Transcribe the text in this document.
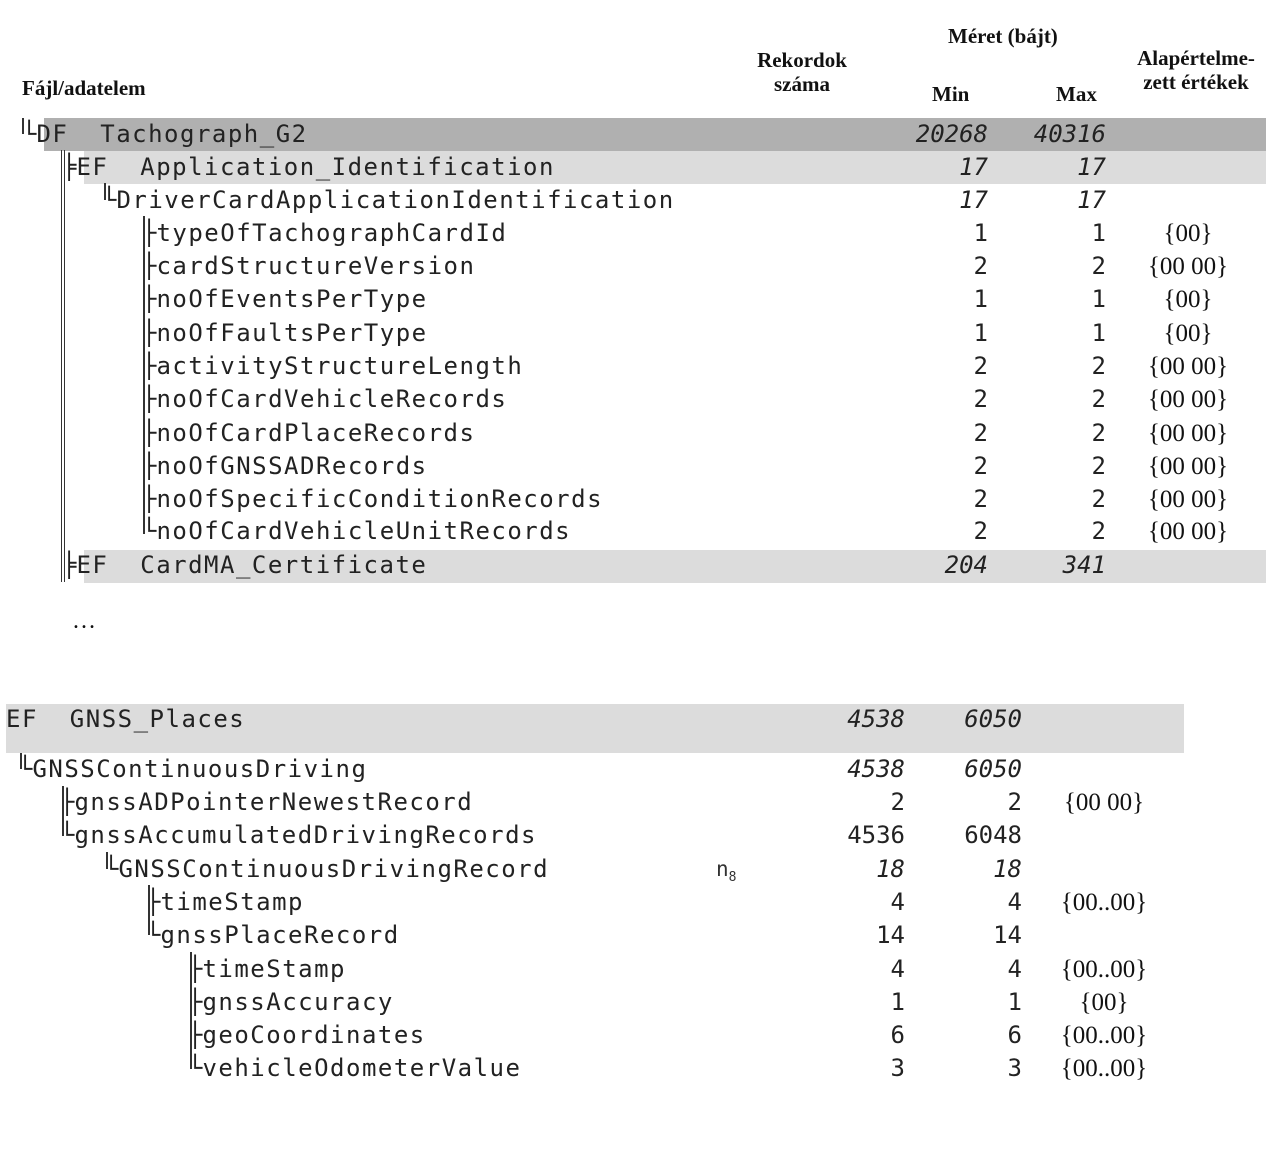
Fájl/adatelem
Rekordok
száma
Méret (bájt)
Min	Max
Alapértelme-
zett értékek
└DF  Tachograph_G2	20268	40316
╞EF  Application_Identification	17	17
└DriverCardApplicationIdentification	17	17
├typeOfTachographCardId	1	1	{00}
├cardStructureVersion	2	2	{00 00}
├noOfEventsPerType	1	1	{00}
├noOfFaultsPerType	1	1	{00}
├activityStructureLength	2	2	{00 00}
├noOfCardVehicleRecords	2	2	{00 00}
├noOfCardPlaceRecords	2	2	{00 00}
├noOfGNSSADRecords	2	2	{00 00}
├noOfSpecificConditionRecords	2	2	{00 00}
└noOfCardVehicleUnitRecords	2	2	{00 00}
╞EF  CardMA_Certificate	204	341
…
EF  GNSS_Places	4538	6050
└GNSSContinuousDriving	4538	6050
├gnssADPointerNewestRecord	2	2	{00 00}
└gnssAccumulatedDrivingRecords	4536	6048
└GNSSContinuousDrivingRecord	$n_8$	18	18
├timeStamp	4	4	{00..00}
└gnssPlaceRecord	14	14
├timeStamp	4	4	{00..00}
├gnssAccuracy	1	1	{00}
├geoCoordinates	6	6	{00..00}
└vehicleOdometerValue	3	3	{00..00}
